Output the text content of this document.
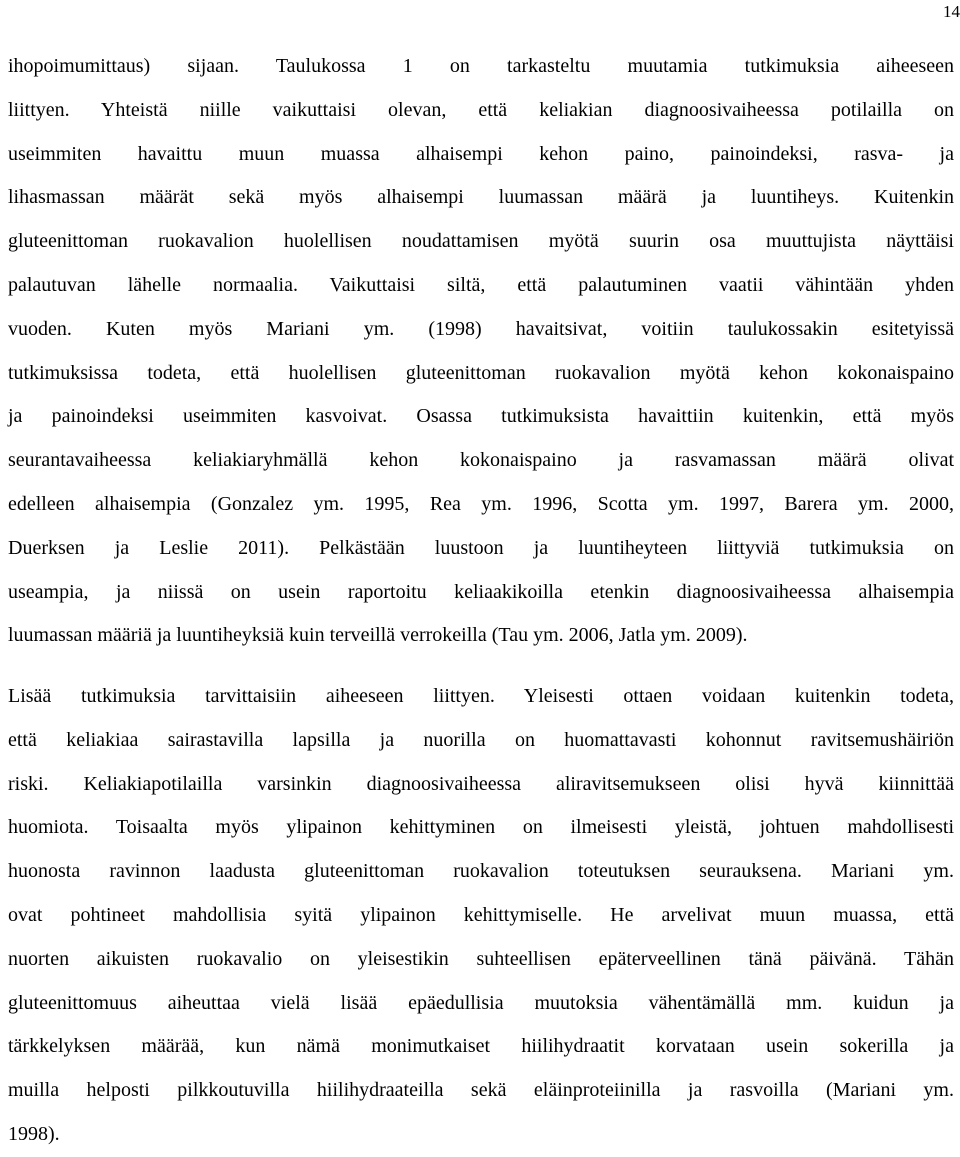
14
ihopoimumittaus) sijaan. Taulukossa 1 on tarkasteltu muutamia tutkimuksia aiheeseen
liittyen. Yhteistä niille vaikuttaisi olevan, että keliakian diagnoosivaiheessa potilailla on
useimmiten havaittu muun muassa alhaisempi kehon paino, painoindeksi, rasva- ja
lihasmassan määrät sekä myös alhaisempi luumassan määrä ja luuntiheys. Kuitenkin
gluteenittoman ruokavalion huolellisen noudattamisen myötä suurin osa muuttujista näyttäisi
palautuvan lähelle normaalia. Vaikuttaisi siltä, että palautuminen vaatii vähintään yhden
vuoden. Kuten myös Mariani ym. (1998) havaitsivat, voitiin taulukossakin esitetyissä
tutkimuksissa todeta, että huolellisen gluteenittoman ruokavalion myötä kehon kokonaispaino
ja painoindeksi useimmiten kasvoivat. Osassa tutkimuksista havaittiin kuitenkin, että myös
seurantavaiheessa keliakiaryhmällä kehon kokonaispaino ja rasvamassan määrä olivat
edelleen alhaisempia (Gonzalez ym. 1995, Rea ym. 1996, Scotta ym. 1997, Barera ym. 2000,
Duerksen ja Leslie 2011). Pelkästään luustoon ja luuntiheyteen liittyviä tutkimuksia on
useampia, ja niissä on usein raportoitu keliaakikoilla etenkin diagnoosivaiheessa alhaisempia
luumassan määriä ja luuntiheyksiä kuin terveillä verrokeilla (Tau ym. 2006, Jatla ym. 2009).
Lisää tutkimuksia tarvittaisiin aiheeseen liittyen. Yleisesti ottaen voidaan kuitenkin todeta,
että keliakiaa sairastavilla lapsilla ja nuorilla on huomattavasti kohonnut ravitsemushäiriön
riski. Keliakiapotilailla varsinkin diagnoosivaiheessa aliravitsemukseen olisi hyvä kiinnittää
huomiota. Toisaalta myös ylipainon kehittyminen on ilmeisesti yleistä, johtuen mahdollisesti
huonosta ravinnon laadusta gluteenittoman ruokavalion toteutuksen seurauksena. Mariani ym.
ovat pohtineet mahdollisia syitä ylipainon kehittymiselle. He arvelivat muun muassa, että
nuorten aikuisten ruokavalio on yleisestikin suhteellisen epäterveellinen tänä päivänä. Tähän
gluteenittomuus aiheuttaa vielä lisää epäedullisia muutoksia vähentämällä mm. kuidun ja
tärkkelyksen määrää, kun nämä monimutkaiset hiilihydraatit korvataan usein sokerilla ja
muilla helposti pilkkoutuvilla hiilihydraateilla sekä eläinproteiinilla ja rasvoilla (Mariani ym.
1998).
